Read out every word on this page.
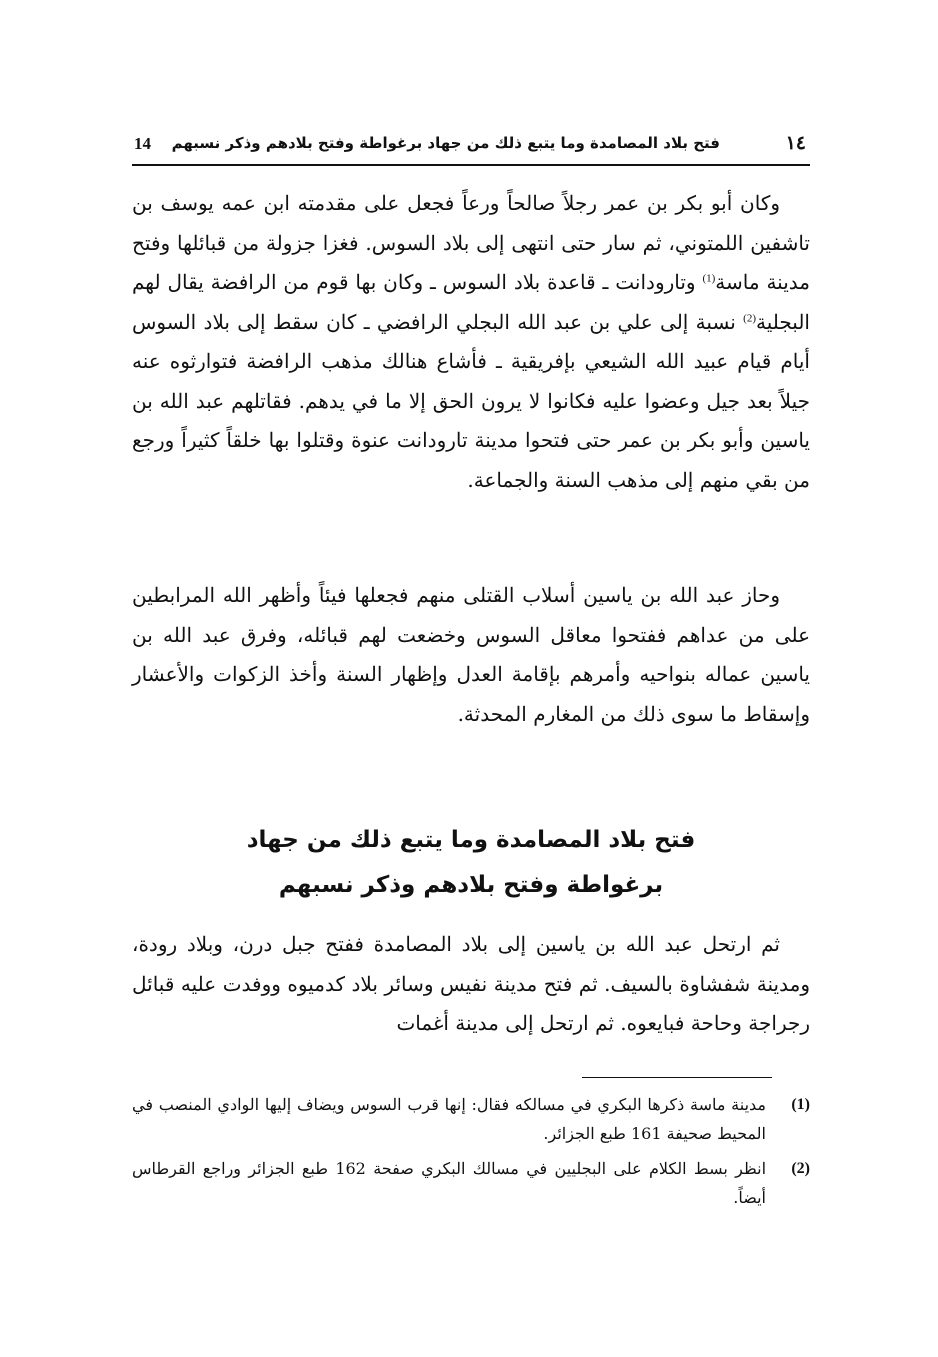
١٤
فتح بلاد المصامدة وما يتبع ذلك من جهاد برغواطة وفتح بلادهم وذكر نسبهم
14

وكان أبو بكر بن عمر رجلاً صالحاً ورعاً فجعل على مقدمته ابن عمه يوسف بن تاشفين اللمتوني، ثم سار حتى انتهى إلى بلاد السوس. فغزا جزولة من قبائلها وفتح مدينة ماسة$^{(1)}$ وتارودانت ـ قاعدة بلاد السوس ـ وكان بها قوم من الرافضة يقال لهم البجلية$^{(2)}$ نسبة إلى علي بن عبد الله البجلي الرافضي ـ كان سقط إلى بلاد السوس أيام قيام عبيد الله الشيعي بإفريقية ـ فأشاع هنالك مذهب الرافضة فتوارثوه عنه جيلاً بعد جيل وعضوا عليه فكانوا لا يرون الحق إلا ما في يدهم. فقاتلهم عبد الله بن ياسين وأبو بكر بن عمر حتى فتحوا مدينة تارودانت عنوة وقتلوا بها خلقاً كثيراً ورجع من بقي منهم إلى مذهب السنة والجماعة.

وحاز عبد الله بن ياسين أسلاب القتلى منهم فجعلها فيئاً وأظهر الله المرابطين على من عداهم ففتحوا معاقل السوس وخضعت لهم قبائله، وفرق عبد الله بن ياسين عماله بنواحيه وأمرهم بإقامة العدل وإظهار السنة وأخذ الزكوات والأعشار وإسقاط ما سوى ذلك من المغارم المحدثة.

فتح بلاد المصامدة وما يتبع ذلك من جهاد
برغواطة وفتح بلادهم وذكر نسبهم

ثم ارتحل عبد الله بن ياسين إلى بلاد المصامدة ففتح جبل درن، وبلاد رودة، ومدينة شفشاوة بالسيف. ثم فتح مدينة نفيس وسائر بلاد كدميوه ووفدت عليه قبائل رجراجة وحاحة فبايعوه. ثم ارتحل إلى مدينة أغمات

(1)
مدينة ماسة ذكرها البكري في مسالكه فقال: إنها قرب السوس ويضاف إليها الوادي المنصب في المحيط صحيفة 161 طبع الجزائر.
(2)
انظر بسط الكلام على البجليين في مسالك البكري صفحة 162 طبع الجزائر وراجع القرطاس أيضاً.
